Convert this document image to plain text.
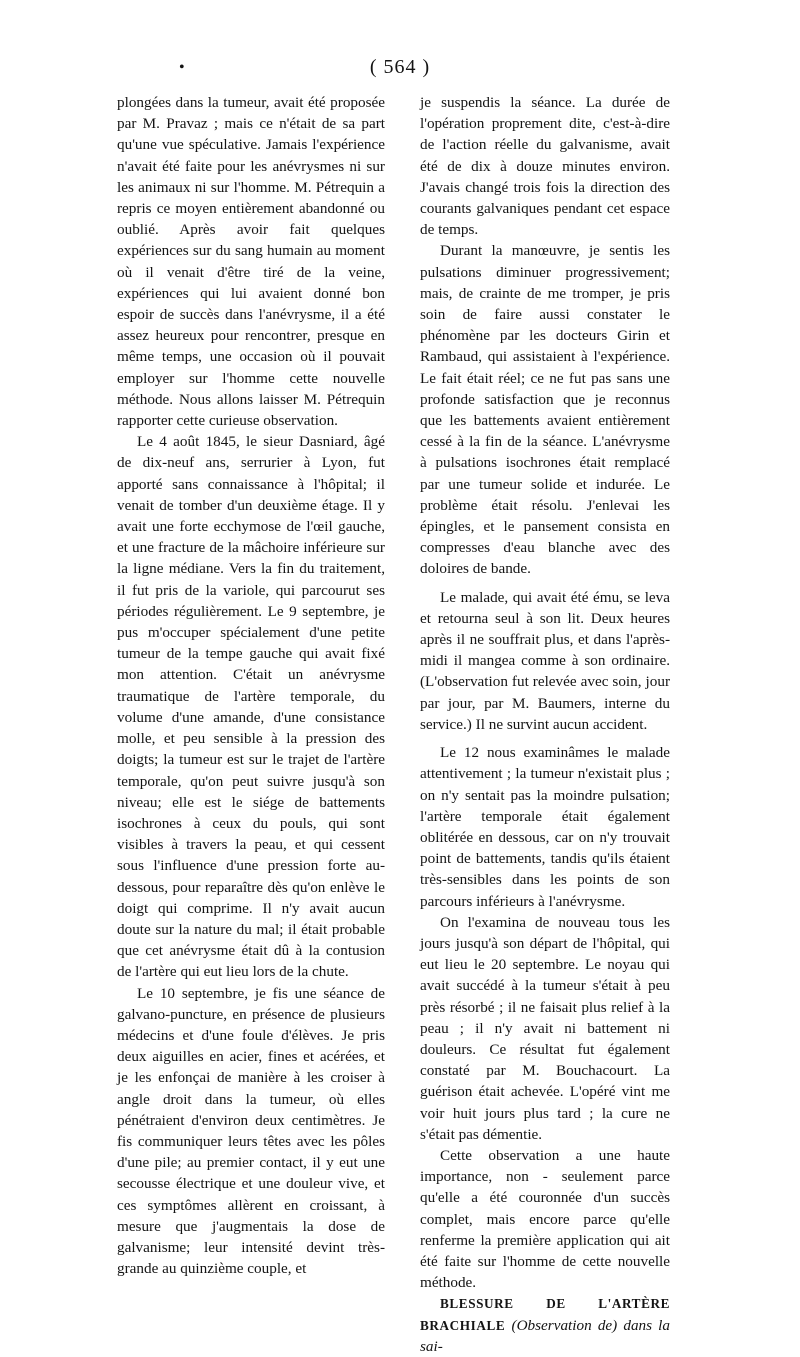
•	( 564 )

plongées dans la tumeur, avait été proposée par M. Pravaz ; mais ce n'était de sa part qu'une vue spéculative. Jamais l'expérience n'avait été faite pour les anévrysmes ni sur les animaux ni sur l'homme. M. Pétrequin a repris ce moyen entièrement abandonné ou oublié. Après avoir fait quelques expériences sur du sang humain au moment où il venait d'être tiré de la veine, expériences qui lui avaient donné bon espoir de succès dans l'anévrysme, il a été assez heureux pour rencontrer, presque en même temps, une occasion où il pouvait employer sur l'homme cette nouvelle méthode. Nous allons laisser M. Pétrequin rapporter cette curieuse observation.

Le 4 août 1845, le sieur Dasniard, âgé de dix-neuf ans, serrurier à Lyon, fut apporté sans connaissance à l'hôpital; il venait de tomber d'un deuxième étage. Il y avait une forte ecchymose de l'œil gauche, et une fracture de la mâchoire inférieure sur la ligne médiane. Vers la fin du traitement, il fut pris de la variole, qui parcourut ses périodes régulièrement. Le 9 septembre, je pus m'occuper spécialement d'une petite tumeur de la tempe gauche qui avait fixé mon attention. C'était un anévrysme traumatique de l'artère temporale, du volume d'une amande, d'une consistance molle, et peu sensible à la pression des doigts; la tumeur est sur le trajet de l'artère temporale, qu'on peut suivre jusqu'à son niveau; elle est le siége de battements isochrones à ceux du pouls, qui sont visibles à travers la peau, et qui cessent sous l'influence d'une pression forte au-dessous, pour reparaître dès qu'on enlève le doigt qui comprime. Il n'y avait aucun doute sur la nature du mal; il était probable que cet anévrysme était dû à la contusion de l'artère qui eut lieu lors de la chute.

Le 10 septembre, je fis une séance de galvano-puncture, en présence de plusieurs médecins et d'une foule d'élèves. Je pris deux aiguilles en acier, fines et acérées, et je les enfonçai de manière à les croiser à angle droit dans la tumeur, où elles pénétraient d'environ deux centimètres. Je fis communiquer leurs têtes avec les pôles d'une pile; au premier contact, il y eut une secousse électrique et une douleur vive, et ces symptômes allèrent en croissant, à mesure que j'augmentais la dose de galvanisme; leur intensité devint très-grande au quinzième couple, et

je suspendis la séance. La durée de l'opération proprement dite, c'est-à-dire de l'action réelle du galvanisme, avait été de dix à douze minutes environ. J'avais changé trois fois la direction des courants galvaniques pendant cet espace de temps.

Durant la manœuvre, je sentis les pulsations diminuer progressivement; mais, de crainte de me tromper, je pris soin de faire aussi constater le phénomène par les docteurs Girin et Rambaud, qui assistaient à l'expérience. Le fait était réel; ce ne fut pas sans une profonde satisfaction que je reconnus que les battements avaient entièrement cessé à la fin de la séance. L'anévrysme à pulsations isochrones était remplacé par une tumeur solide et indurée. Le problème était résolu. J'enlevai les épingles, et le pansement consista en compresses d'eau blanche avec des doloires de bande.

Le malade, qui avait été ému, se leva et retourna seul à son lit. Deux heures après il ne souffrait plus, et dans l'après-midi il mangea comme à son ordinaire. (L'observation fut relevée avec soin, jour par jour, par M. Baumers, interne du service.) Il ne survint aucun accident.

Le 12 nous examinâmes le malade attentivement ; la tumeur n'existait plus ; on n'y sentait pas la moindre pulsation; l'artère temporale était également oblitérée en dessous, car on n'y trouvait point de battements, tandis qu'ils étaient très-sensibles dans les points de son parcours inférieurs à l'anévrysme.

On l'examina de nouveau tous les jours jusqu'à son départ de l'hôpital, qui eut lieu le 20 septembre. Le noyau qui avait succédé à la tumeur s'était à peu près résorbé ; il ne faisait plus relief à la peau ; il n'y avait ni battement ni douleurs. Ce résultat fut également constaté par M. Bouchacourt. La guérison était achevée. L'opéré vint me voir huit jours plus tard ; la cure ne s'était pas démentie.

Cette observation a une haute importance, non - seulement parce qu'elle a été couronnée d'un succès complet, mais encore parce qu'elle renferme la première application qui ait été faite sur l'homme de cette nouvelle méthode.

BLESSURE DE L'ARTÈRE BRACHIALE (Observation de) dans la sai-
